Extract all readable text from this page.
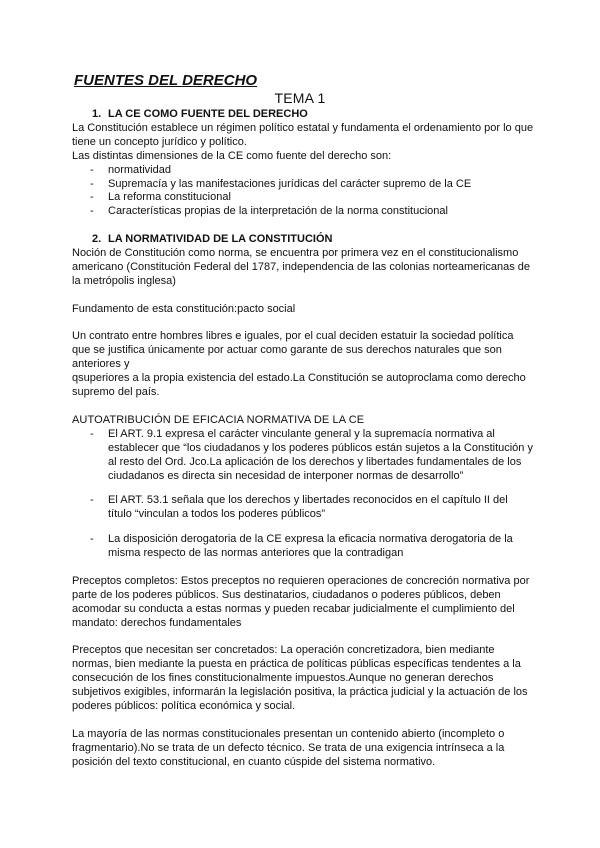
FUENTES DEL DERECHO
TEMA 1
1. LA CE COMO FUENTE DEL DERECHO

La Constitución establece un régimen político estatal y fundamenta el ordenamiento por lo que tiene un concepto jurídico y político.

Las distintas dimensiones de la CE como fuente del derecho son:

- normatividad
- Supremacía y las manifestaciones jurídicas del carácter supremo de la CE
- La reforma constitucional
- Características propias de la interpretación de la norma constitucional
2. LA NORMATIVIDAD DE LA CONSTITUCIÓN

Noción de Constitución como norma, se encuentra por primera vez en el constitucionalismo americano (Constitución Federal del 1787, independencia de las colonias norteamericanas de la metrópolis inglesa)

Fundamento de esta constitución:pacto social

Un contrato entre hombres libres e iguales, por el cual deciden estatuir la sociedad política que se justifica únicamente por actuar como garante de sus derechos naturales que son anteriores y

qsuperiores a la propia existencia del estado.La Constitución se autoproclama como derecho supremo del país.

AUTOATRIBUCIÓN DE EFICACIA NORMATIVA DE LA CE

- El ART. 9.1 expresa el carácter vinculante general y la supremacía normativa al establecer que “los ciudadanos y los poderes públicos están sujetos a la Constitución y al resto del Ord. Jco.La aplicación de los derechos y libertades fundamentales de los ciudadanos es directa sin necesidad de interponer normas de desarrollo”
- El ART. 53.1 señala que los derechos y libertades reconocidos en el capítulo II del título “vinculan a todos los poderes públicos”
- La disposición derogatoria de la CE expresa la eficacia normativa derogatoria de la misma respecto de las normas anteriores que la contradigan

Preceptos completos: Estos preceptos no requieren operaciones de concreción normativa por parte de los poderes públicos. Sus destinatarios, ciudadanos o poderes públicos, deben acomodar su conducta a estas normas y pueden recabar judicialmente el cumplimiento del mandato: derechos fundamentales

Preceptos que necesitan ser concretados: La operación concretizadora, bien mediante normas, bien mediante la puesta en práctica de políticas públicas específicas tendentes a la consecución de los fines constitucionalmente impuestos.Aunque no generan derechos subjetivos exigibles, informarán la legislación positiva, la práctica judicial y la actuación de los poderes públicos: política económica y social.

La mayoría de las normas constitucionales presentan un contenido abierto (incompleto o fragmentario).No se trata de un defecto técnico. Se trata de una exigencia intrínseca a la posición del texto constitucional, en cuanto cúspide del sistema normativo.
